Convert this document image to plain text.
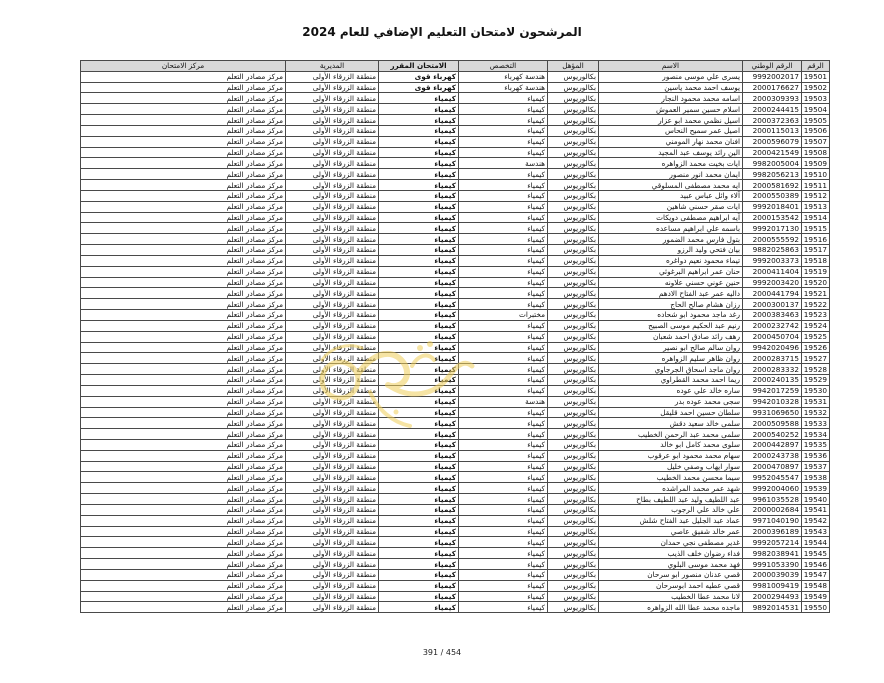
المرشحون لامتحان التعليم الإضافي للعام 2024
الرقم	الرقم الوطني	الاسم	المؤهل	التخصص	الامتحان المقرر	المديرية	مركز الامتحان
19501	9992002017	يسرى علي موسى منصور	بكالوريوس	هندسة كهرباء	كهرباء قوى	منطقة الزرقاء الأولى	مركز مصادر التعلم
19502	2000176627	يوسف احمد محمد ياسين	بكالوريوس	هندسة كهرباء	كهرباء قوى	منطقة الزرقاء الأولى	مركز مصادر التعلم
19503	2000309393	اسامه محمد محمود النجار	بكالوريوس	كيمياء	كيمياء	منطقة الزرقاء الأولى	مركز مصادر التعلم
19504	2000244415	اسلام حسين سمير العموش	بكالوريوس	كيمياء	كيمياء	منطقة الزرقاء الأولى	مركز مصادر التعلم
19505	2000372363	اسيل نظمي محمد ابو عزار	بكالوريوس	كيمياء	كيمياء	منطقة الزرقاء الأولى	مركز مصادر التعلم
19506	2000115013	اصيل عمر سميح النحاس	بكالوريوس	كيمياء	كيمياء	منطقة الزرقاء الأولى	مركز مصادر التعلم
19507	2000596079	افنان محمد نهار المومني	بكالوريوس	كيمياء	كيمياء	منطقة الزرقاء الأولى	مركز مصادر التعلم
19508	2000421549	الين رائد يوسف عبد المجيد	بكالوريوس	كيمياء	كيمياء	منطقة الزرقاء الأولى	مركز مصادر التعلم
19509	9982005004	ايات بخيت محمد الزواهره	بكالوريوس	هندسة	كيمياء	منطقة الزرقاء الأولى	مركز مصادر التعلم
19510	9982056213	ايمان محمد انور منصور	بكالوريوس	كيمياء	كيمياء	منطقة الزرقاء الأولى	مركز مصادر التعلم
19511	2000581692	ايه محمد مصطفى المسلوقي	بكالوريوس	كيمياء	كيمياء	منطقة الزرقاء الأولى	مركز مصادر التعلم
19512	2000550389	آلاء وائل عباس عبيد	بكالوريوس	كيمياء	كيمياء	منطقة الزرقاء الأولى	مركز مصادر التعلم
19513	9992018401	ايات صقر حسني شاهين	بكالوريوس	كيمياء	كيمياء	منطقة الزرقاء الأولى	مركز مصادر التعلم
19514	2000153542	آيه ابراهيم مصطفى دويكات	بكالوريوس	كيمياء	كيمياء	منطقة الزرقاء الأولى	مركز مصادر التعلم
19515	9992017130	باسمه علي ابراهيم مساعده	بكالوريوس	كيمياء	كيمياء	منطقة الزرقاء الأولى	مركز مصادر التعلم
19516	2000555592	بتول فارس محمد الضمور	بكالوريوس	كيمياء	كيمياء	منطقة الزرقاء الأولى	مركز مصادر التعلم
19517	9882025863	بيان فتحي وليد الرزو	بكالوريوس	كيمياء	كيمياء	منطقة الزرقاء الأولى	مركز مصادر التعلم
19518	9992003373	تيماء محمود نعيم دواغره	بكالوريوس	كيمياء	كيمياء	منطقة الزرقاء الأولى	مركز مصادر التعلم
19519	2000411404	حنان عمر ابراهيم البرغوثي	بكالوريوس	كيمياء	كيمياء	منطقة الزرقاء الأولى	مركز مصادر التعلم
19520	9992003420	حنين عوني حسني علاونه	بكالوريوس	كيمياء	كيمياء	منطقة الزرقاء الأولى	مركز مصادر التعلم
19521	2000441794	داليه عمر عبد الفتاح الادهم	بكالوريوس	كيمياء	كيمياء	منطقة الزرقاء الأولى	مركز مصادر التعلم
19522	2000300137	رزان هشام صالح الحاج	بكالوريوس	كيمياء	كيمياء	منطقة الزرقاء الأولى	مركز مصادر التعلم
19523	2000383463	رغد ماجد محمود ابو شحاده	بكالوريوس	مختبرات	كيمياء	منطقة الزرقاء الأولى	مركز مصادر التعلم
19524	2000232742	رنيم عبد الحكيم موسى الصبيح	بكالوريوس	كيمياء	كيمياء	منطقة الزرقاء الأولى	مركز مصادر التعلم
19525	2000450704	رهف رائد صادق احمد شعبان	بكالوريوس	كيمياء	كيمياء	منطقة الزرقاء الأولى	مركز مصادر التعلم
19526	9942020496	روان سالم صالح ابو نصير	بكالوريوس	كيمياء	كيمياء	منطقة الزرقاء الأولى	مركز مصادر التعلم
19527	2000283715	روان ظاهر سليم الزواهره	بكالوريوس	كيمياء	كيمياء	منطقة الزرقاء الأولى	مركز مصادر التعلم
19528	2000283332	روان ماجد اسحاق الجرجاوي	بكالوريوس	كيمياء	كيمياء	منطقة الزرقاء الأولى	مركز مصادر التعلم
19529	2000240135	ريما احمد محمد القطراوي	بكالوريوس	كيمياء	كيمياء	منطقة الزرقاء الأولى	مركز مصادر التعلم
19530	9942017259	ساره خالد علي عوده	بكالوريوس	كيمياء	كيمياء	منطقة الزرقاء الأولى	مركز مصادر التعلم
19531	9942010328	سجى محمد عوده بدر	بكالوريوس	هندسة	كيمياء	منطقة الزرقاء الأولى	مركز مصادر التعلم
19532	9931069650	سلطان حسين احمد قليقل	بكالوريوس	كيمياء	كيمياء	منطقة الزرقاء الأولى	مركز مصادر التعلم
19533	2000509588	سلمى خالد سعيد دقش	بكالوريوس	كيمياء	كيمياء	منطقة الزرقاء الأولى	مركز مصادر التعلم
19534	2000540252	سلمى محمد عبد الرحمن الخطيب	بكالوريوس	كيمياء	كيمياء	منطقة الزرقاء الأولى	مركز مصادر التعلم
19535	2000442897	سلوى محمد كامل ابو خالد	بكالوريوس	كيمياء	كيمياء	منطقة الزرقاء الأولى	مركز مصادر التعلم
19536	2000243738	سهام محمد محمود ابو عرقوب	بكالوريوس	كيمياء	كيمياء	منطقة الزرقاء الأولى	مركز مصادر التعلم
19537	2000470897	سوار ايهاب وصفي خليل	بكالوريوس	كيمياء	كيمياء	منطقة الزرقاء الأولى	مركز مصادر التعلم
19538	9952045547	سيما محسن محمد الخطيب	بكالوريوس	كيمياء	كيمياء	منطقة الزرقاء الأولى	مركز مصادر التعلم
19539	9992004060	شهد عمر محمد المراشده	بكالوريوس	كيمياء	كيمياء	منطقة الزرقاء الأولى	مركز مصادر التعلم
19540	9961035528	عبد اللطيف وليد عبد اللطيف بطاح	بكالوريوس	كيمياء	كيمياء	منطقة الزرقاء الأولى	مركز مصادر التعلم
19541	2000002684	علي خالد علي الرجوب	بكالوريوس	كيمياء	كيمياء	منطقة الزرقاء الأولى	مركز مصادر التعلم
19542	9971040190	عماد عبد الجليل عبد الفتاح شلش	بكالوريوس	كيمياء	كيمياء	منطقة الزرقاء الأولى	مركز مصادر التعلم
19543	2000396189	عمر خالد شفيق عاصي	بكالوريوس	كيمياء	كيمياء	منطقة الزرقاء الأولى	مركز مصادر التعلم
19544	9992057214	غدير مصطفى نجي حمدان	بكالوريوس	كيمياء	كيمياء	منطقة الزرقاء الأولى	مركز مصادر التعلم
19545	9982038941	فداء رضوان خلف الذيب	بكالوريوس	كيمياء	كيمياء	منطقة الزرقاء الأولى	مركز مصادر التعلم
19546	9991053390	فهد محمد موسى البلوي	بكالوريوس	كيمياء	كيمياء	منطقة الزرقاء الأولى	مركز مصادر التعلم
19547	2000039039	قصي عدنان منصور ابو سرحان	بكالوريوس	كيمياء	كيمياء	منطقة الزرقاء الأولى	مركز مصادر التعلم
19548	9981009419	قصي عطيه احمد ابوسرحان	بكالوريوس	كيمياء	كيمياء	منطقة الزرقاء الأولى	مركز مصادر التعلم
19549	2000294493	لانا محمد عطا الخطيب	بكالوريوس	كيمياء	كيمياء	منطقة الزرقاء الأولى	مركز مصادر التعلم
19550	9892014531	ماجده محمد عطا الله الزواهره	بكالوريوس	كيمياء	كيمياء	منطقة الزرقاء الأولى	مركز مصادر التعلم
391 / 454
